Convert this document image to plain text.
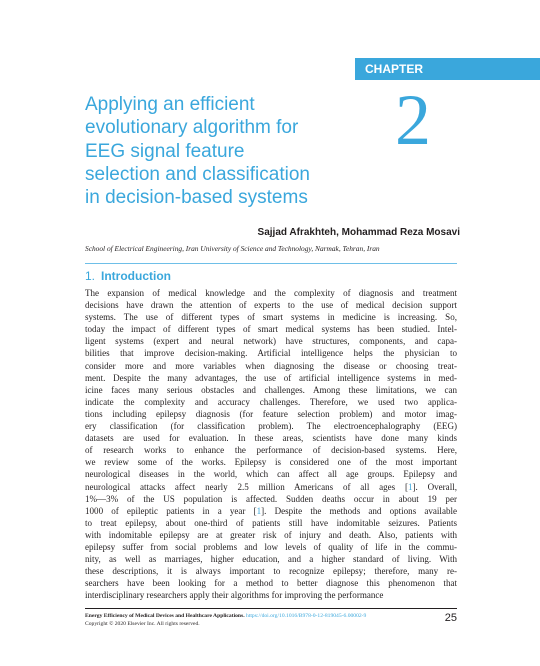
CHAPTER
Applying an efficient
evolutionary algorithm for
EEG signal feature
selection and classification
in decision-based systems
2

Sajjad Afrakhteh, Mohammad Reza Mosavi

School of Electrical Engineering, Iran University of Science and Technology, Narmak, Tehran, Iran

1. Introduction
The expansion of medical knowledge and the complexity of diagnosis and treatment
decisions have drawn the attention of experts to the use of medical decision support
systems. The use of different types of smart systems in medicine is increasing. So,
today the impact of different types of smart medical systems has been studied. Intel-
ligent systems (expert and neural network) have structures, components, and capa-
bilities that improve decision-making. Artificial intelligence helps the physician to
consider more and more variables when diagnosing the disease or choosing treat-
ment. Despite the many advantages, the use of artificial intelligence systems in med-
icine faces many serious obstacles and challenges. Among these limitations, we can
indicate the complexity and accuracy challenges. Therefore, we used two applica-
tions including epilepsy diagnosis (for feature selection problem) and motor imag-
ery classification (for classification problem). The electroencephalography (EEG)
datasets are used for evaluation. In these areas, scientists have done many kinds
of research works to enhance the performance of decision-based systems. Here,
we review some of the works. Epilepsy is considered one of the most important
neurological diseases in the world, which can affect all age groups. Epilepsy and
neurological attacks affect nearly 2.5 million Americans of all ages [1]. Overall,
1%—3% of the US population is affected. Sudden deaths occur in about 19 per
1000 of epileptic patients in a year [1]. Despite the methods and options available
to treat epilepsy, about one-third of patients still have indomitable seizures. Patients
with indomitable epilepsy are at greater risk of injury and death. Also, patients with
epilepsy suffer from social problems and low levels of quality of life in the commu-
nity, as well as marriages, higher education, and a higher standard of living. With
these descriptions, it is always important to recognize epilepsy; therefore, many re-
searchers have been looking for a method to better diagnose this phenomenon that
interdisciplinary researchers apply their algorithms for improving the performance
Energy Efficiency of Medical Devices and Healthcare Applications. https://doi.org/10.1016/B978-0-12-819045-6.00002-9
Copyright © 2020 Elsevier Inc. All rights reserved.	25
